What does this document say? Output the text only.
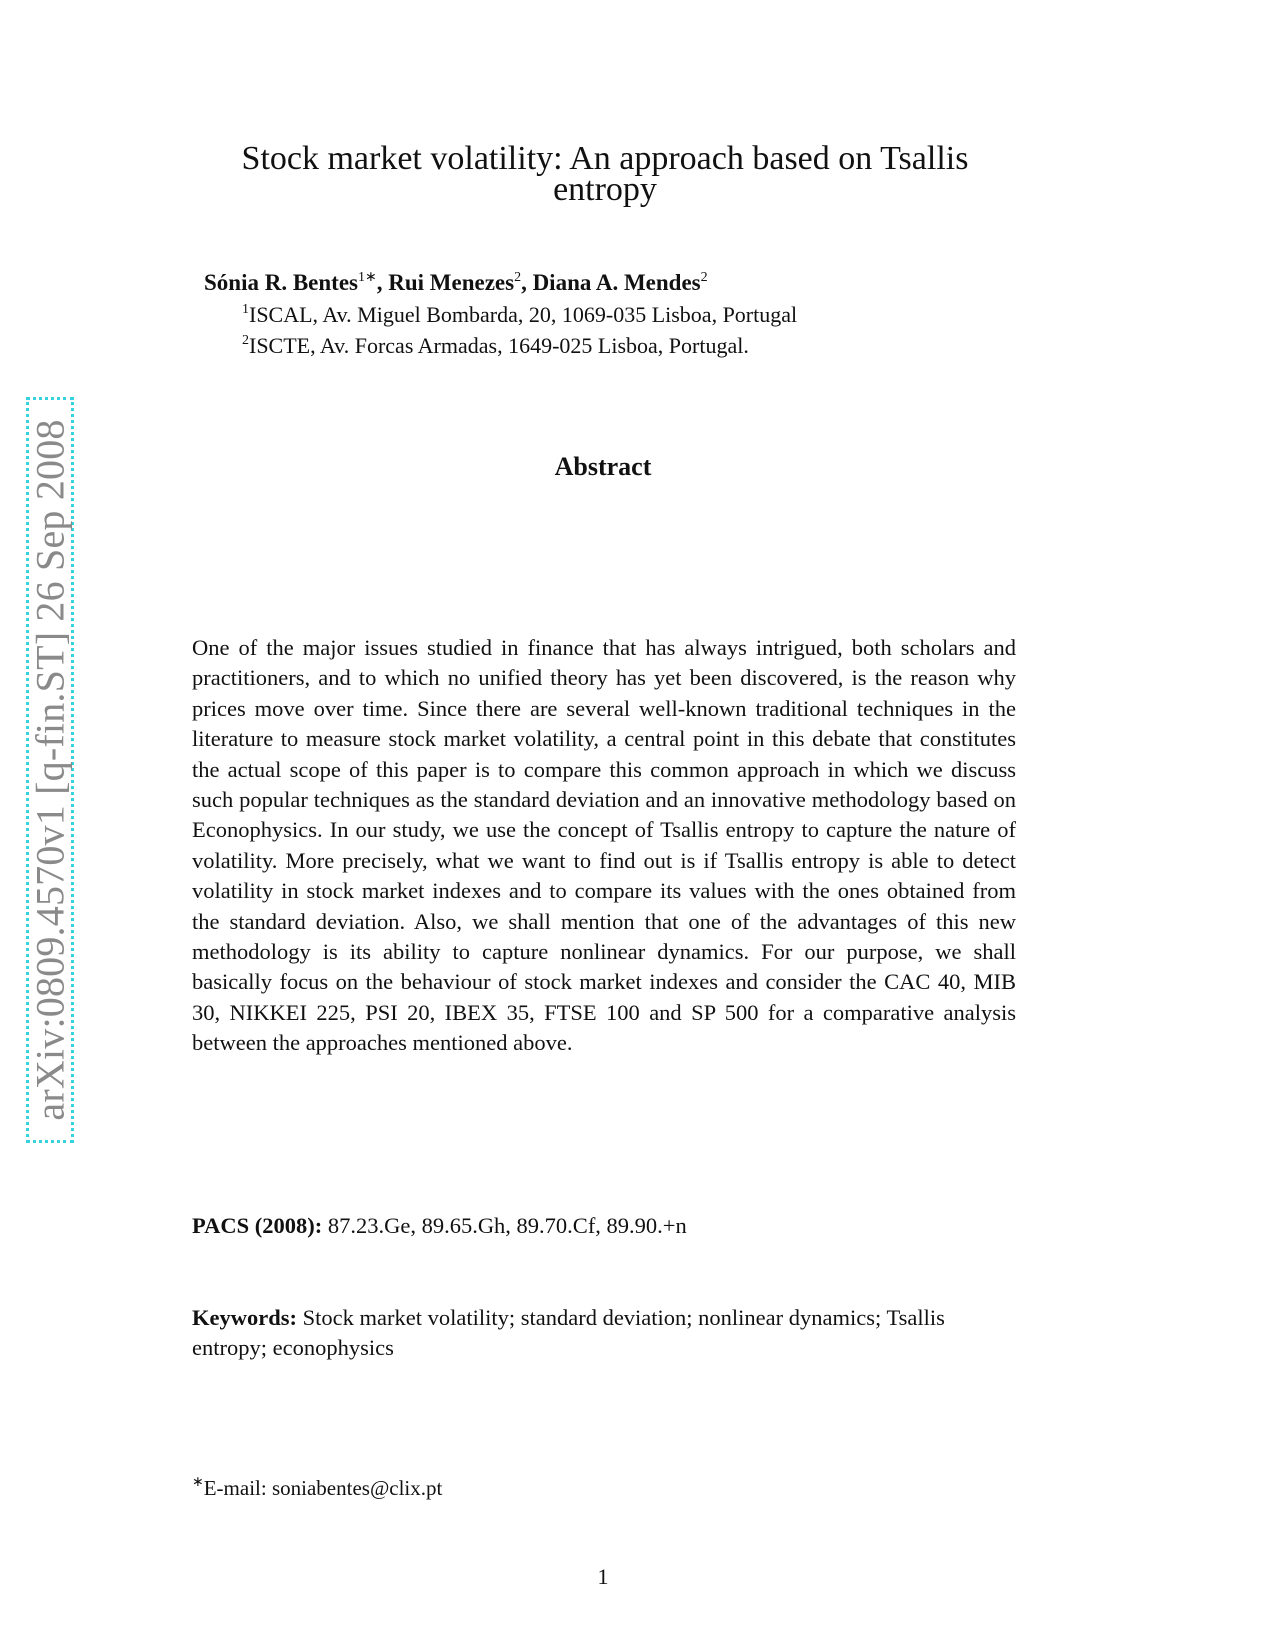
arXiv:0809.4570v1 [q-fin.ST] 26 Sep 2008
Stock market volatility: An approach based on Tsallis entropy
Sónia R. Bentes$^{1∗}$, Rui Menezes$^2$, Diana A. Mendes$^2$
$^1$ISCAL, Av. Miguel Bombarda, 20, 1069-035 Lisboa, Portugal
$^2$ISCTE, Av. Forcas Armadas, 1649-025 Lisboa, Portugal.
Abstract

One of the major issues studied in finance that has always intrigued, both scholars and practitioners, and to which no unified theory has yet been discovered, is the reason why prices move over time. Since there are several well-known traditional techniques in the literature to measure stock market volatility, a central point in this debate that constitutes the actual scope of this paper is to compare this common approach in which we discuss such popular techniques as the standard deviation and an innovative methodology based on Econophysics. In our study, we use the concept of Tsallis entropy to capture the nature of volatility. More precisely, what we want to find out is if Tsallis entropy is able to detect volatility in stock market indexes and to compare its values with the ones obtained from the standard deviation. Also, we shall mention that one of the advantages of this new methodology is its ability to capture nonlinear dynamics. For our purpose, we shall basically focus on the behaviour of stock market indexes and consider the CAC 40, MIB 30, NIKKEI 225, PSI 20, IBEX 35, FTSE 100 and SP 500 for a comparative analysis between the approaches mentioned above.

PACS (2008): 87.23.Ge, 89.65.Gh, 89.70.Cf, 89.90.+n

Keywords: Stock market volatility; standard deviation; nonlinear dynamics; Tsallis entropy; econophysics

∗E-mail: soniabentes@clix.pt
1
